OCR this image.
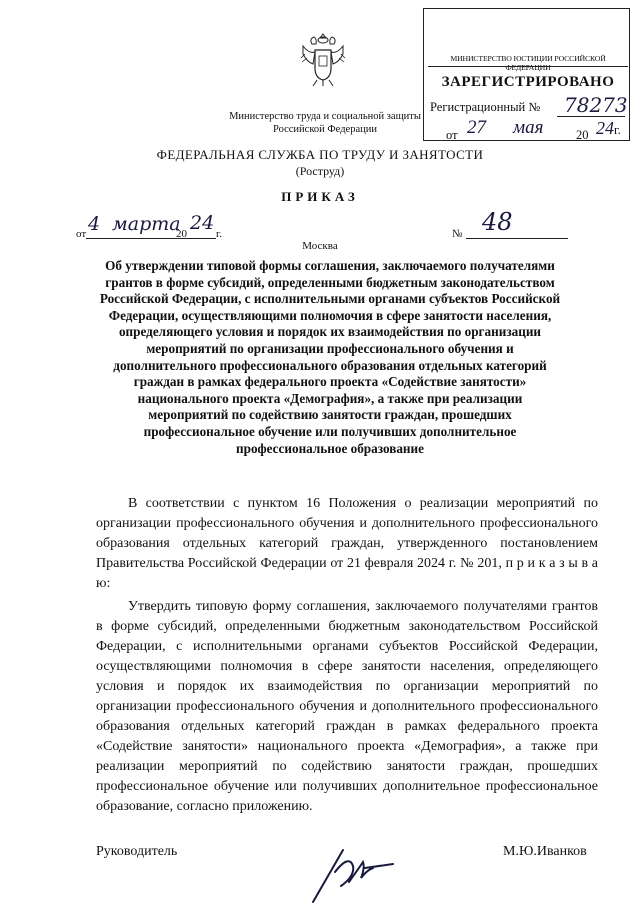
Министерство труда и социальной защиты
Российской Федерации
МИНИСТЕРСТВО ЮСТИЦИИ РОССИЙСКОЙ ФЕДЕРАЦИИ
ЗАРЕГИСТРИРОВАНО
Регистрационный № 78273
от 27 мая	20 24г.
ФЕДЕРАЛЬНАЯ СЛУЖБА ПО ТРУДУ И ЗАНЯТОСТИ
(Роструд)
ПРИКАЗ
от 4 марта
20 24 г.	№ 48
Москва
Об утверждении типовой формы соглашения, заключаемого получателями грантов в форме субсидий, определенными бюджетным законодательством Российской Федерации, с исполнительными органами субъектов Российской Федерации, осуществляющими полномочия в сфере занятости населения, определяющего условия и порядок их взаимодействия по организации мероприятий по организации профессионального обучения и дополнительного профессионального образования отдельных категорий граждан в рамках федерального проекта «Содействие занятости» национального проекта «Демография», а также при реализации мероприятий по содействию занятости граждан, прошедших профессиональное обучение или получивших дополнительное профессиональное образование
В соответствии с пунктом 16 Положения о реализации мероприятий по организации профессионального обучения и дополнительного профессионального образования отдельных категорий граждан, утвержденного постановлением Правительства Российской Федерации от 21 февраля 2024 г. № 201, п р и к а з ы в а ю:
Утвердить типовую форму соглашения, заключаемого получателями грантов в форме субсидий, определенными бюджетным законодательством Российской Федерации, с исполнительными органами субъектов Российской Федерации, осуществляющими полномочия в сфере занятости населения, определяющего условия и порядок их взаимодействия по организации мероприятий по организации профессионального обучения и дополнительного профессионального образования отдельных категорий граждан в рамках федерального проекта «Содействие занятости» национального проекта «Демография», а также при реализации мероприятий по содействию занятости граждан, прошедших профессиональное обучение или получивших дополнительное профессиональное образование, согласно приложению.
Руководитель	М.Ю.Иванков
